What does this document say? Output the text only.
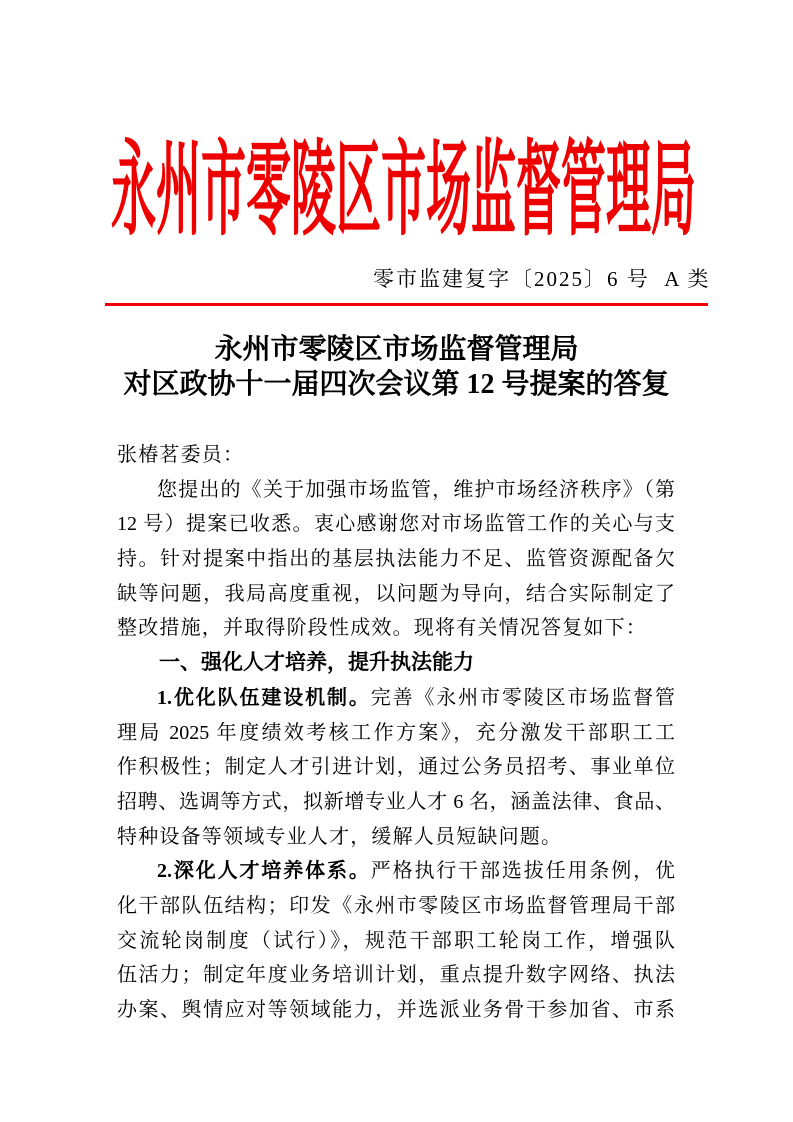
永州市零陵区市场监督管理局
零市监建复字〔2025〕6 号  A 类
永州市零陵区市场监督管理局
对区政协十一届四次会议第 12 号提案的答复
张椿茗委员：
您提出的《关于加强市场监管，维护市场经济秩序》（第
12 号）提案已收悉。衷心感谢您对市场监管工作的关心与支
持。针对提案中指出的基层执法能力不足、监管资源配备欠
缺等问题，我局高度重视，以问题为导向，结合实际制定了
整改措施，并取得阶段性成效。现将有关情况答复如下：
一、强化人才培养，提升执法能力
1.优化队伍建设机制。完善《永州市零陵区市场监督管
理局 2025 年度绩效考核工作方案》，充分激发干部职工工
作积极性；制定人才引进计划，通过公务员招考、事业单位
招聘、选调等方式，拟新增专业人才 6 名，涵盖法律、食品、
特种设备等领域专业人才，缓解人员短缺问题。
2.深化人才培养体系。严格执行干部选拔任用条例，优
化干部队伍结构；印发《永州市零陵区市场监督管理局干部
交流轮岗制度（试行）》，规范干部职工轮岗工作，增强队
伍活力；制定年度业务培训计划，重点提升数字网络、执法
办案、舆情应对等领域能力，并选派业务骨干参加省、市系
